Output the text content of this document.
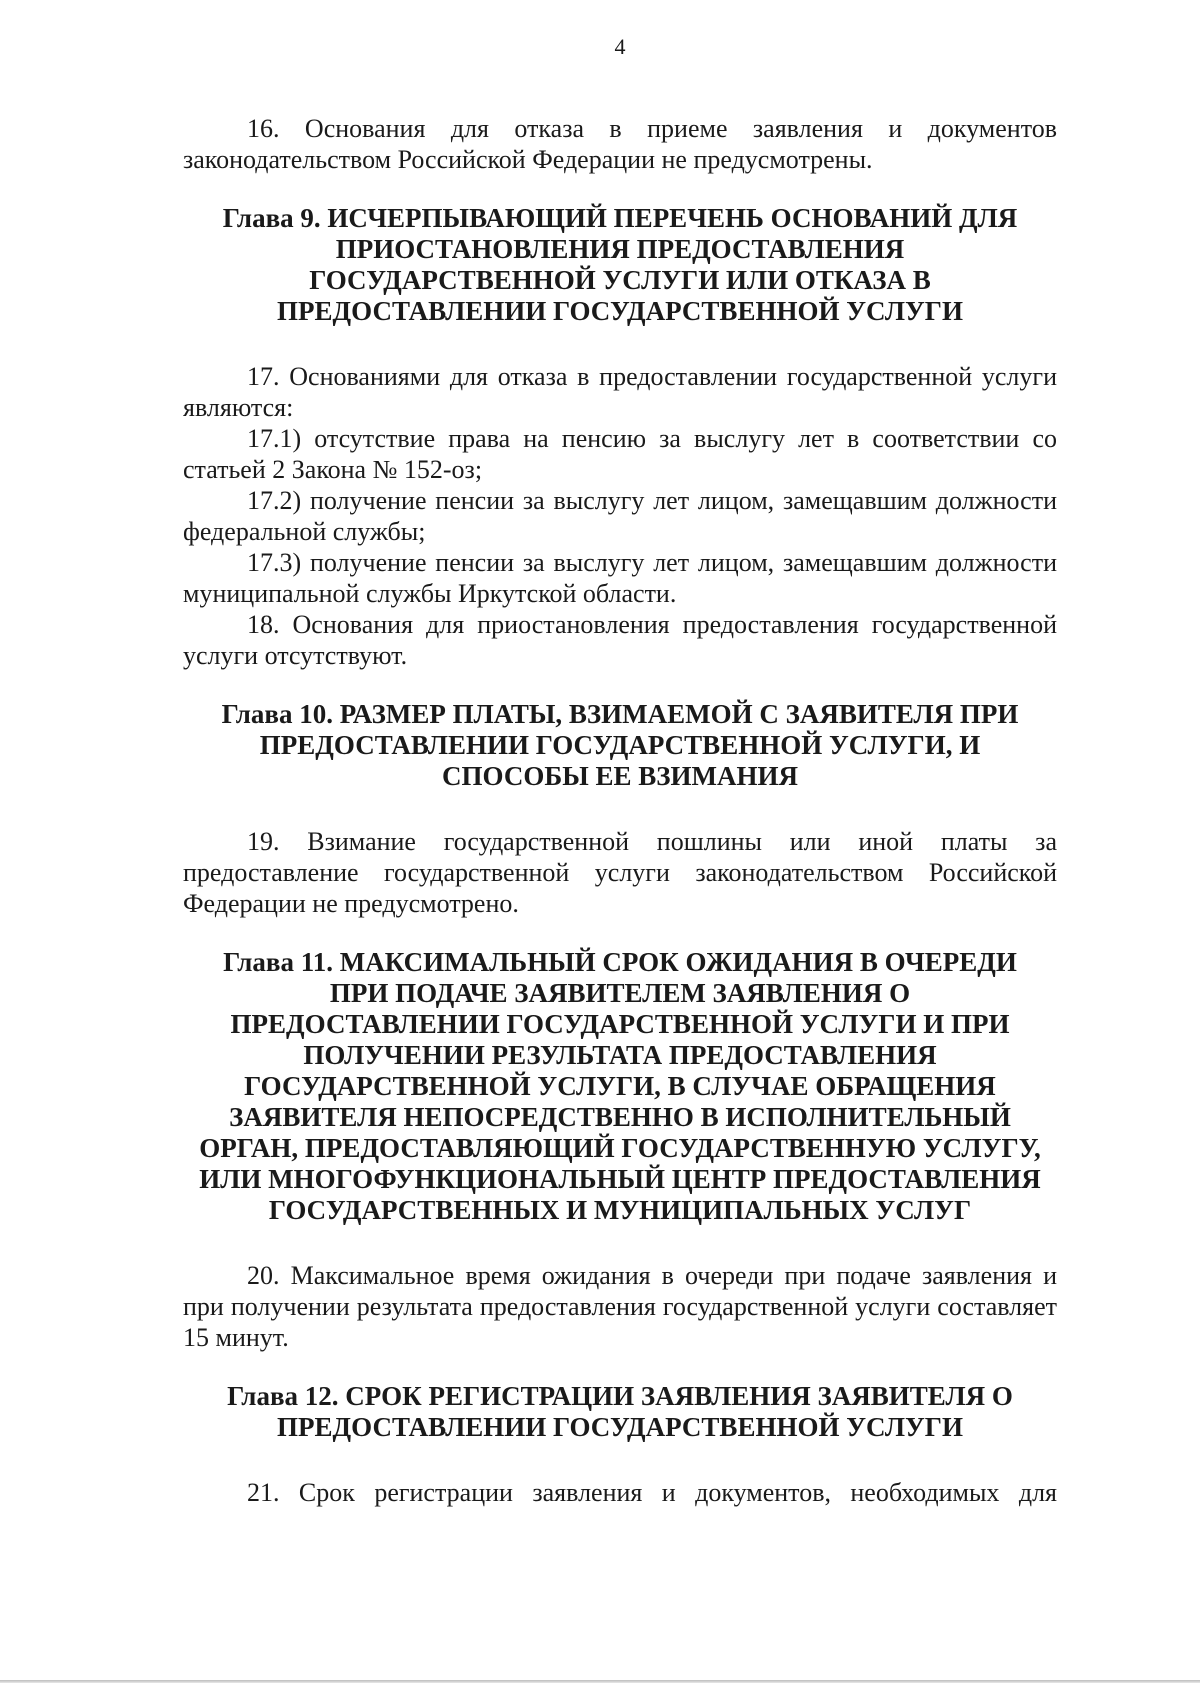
4

16. Основания для отказа в приеме заявления и документов законодательством Российской Федерации не предусмотрены.

Глава 9. ИСЧЕРПЫВАЮЩИЙ ПЕРЕЧЕНЬ ОСНОВАНИЙ ДЛЯ ПРИОСТАНОВЛЕНИЯ ПРЕДОСТАВЛЕНИЯ ГОСУДАРСТВЕННОЙ УСЛУГИ ИЛИ ОТКАЗА В ПРЕДОСТАВЛЕНИИ ГОСУДАРСТВЕННОЙ УСЛУГИ

17. Основаниями для отказа в предоставлении государственной услуги являются:

17.1) отсутствие права на пенсию за выслугу лет в соответствии со статьей 2 Закона № 152-оз;

17.2) получение пенсии за выслугу лет лицом, замещавшим должности федеральной службы;

17.3) получение пенсии за выслугу лет лицом, замещавшим должности муниципальной службы Иркутской области.

18. Основания для приостановления предоставления государственной услуги отсутствуют.

Глава 10. РАЗМЕР ПЛАТЫ, ВЗИМАЕМОЙ С ЗАЯВИТЕЛЯ ПРИ ПРЕДОСТАВЛЕНИИ ГОСУДАРСТВЕННОЙ УСЛУГИ, И СПОСОБЫ ЕЕ ВЗИМАНИЯ

19. Взимание государственной пошлины или иной платы за предоставление государственной услуги законодательством Российской Федерации не предусмотрено.

Глава 11. МАКСИМАЛЬНЫЙ СРОК ОЖИДАНИЯ В ОЧЕРЕДИ ПРИ ПОДАЧЕ ЗАЯВИТЕЛЕМ ЗАЯВЛЕНИЯ О ПРЕДОСТАВЛЕНИИ ГОСУДАРСТВЕННОЙ УСЛУГИ И ПРИ ПОЛУЧЕНИИ РЕЗУЛЬТАТА ПРЕДОСТАВЛЕНИЯ ГОСУДАРСТВЕННОЙ УСЛУГИ, В СЛУЧАЕ ОБРАЩЕНИЯ ЗАЯВИТЕЛЯ НЕПОСРЕДСТВЕННО В ИСПОЛНИТЕЛЬНЫЙ ОРГАН, ПРЕДОСТАВЛЯЮЩИЙ ГОСУДАРСТВЕННУЮ УСЛУГУ, ИЛИ МНОГОФУНКЦИОНАЛЬНЫЙ ЦЕНТР ПРЕДОСТАВЛЕНИЯ ГОСУДАРСТВЕННЫХ И МУНИЦИПАЛЬНЫХ УСЛУГ

20. Максимальное время ожидания в очереди при подаче заявления и при получении результата предоставления государственной услуги составляет 15 минут.

Глава 12. СРОК РЕГИСТРАЦИИ ЗАЯВЛЕНИЯ ЗАЯВИТЕЛЯ О ПРЕДОСТАВЛЕНИИ ГОСУДАРСТВЕННОЙ УСЛУГИ

21. Срок регистрации заявления и документов, необходимых для
